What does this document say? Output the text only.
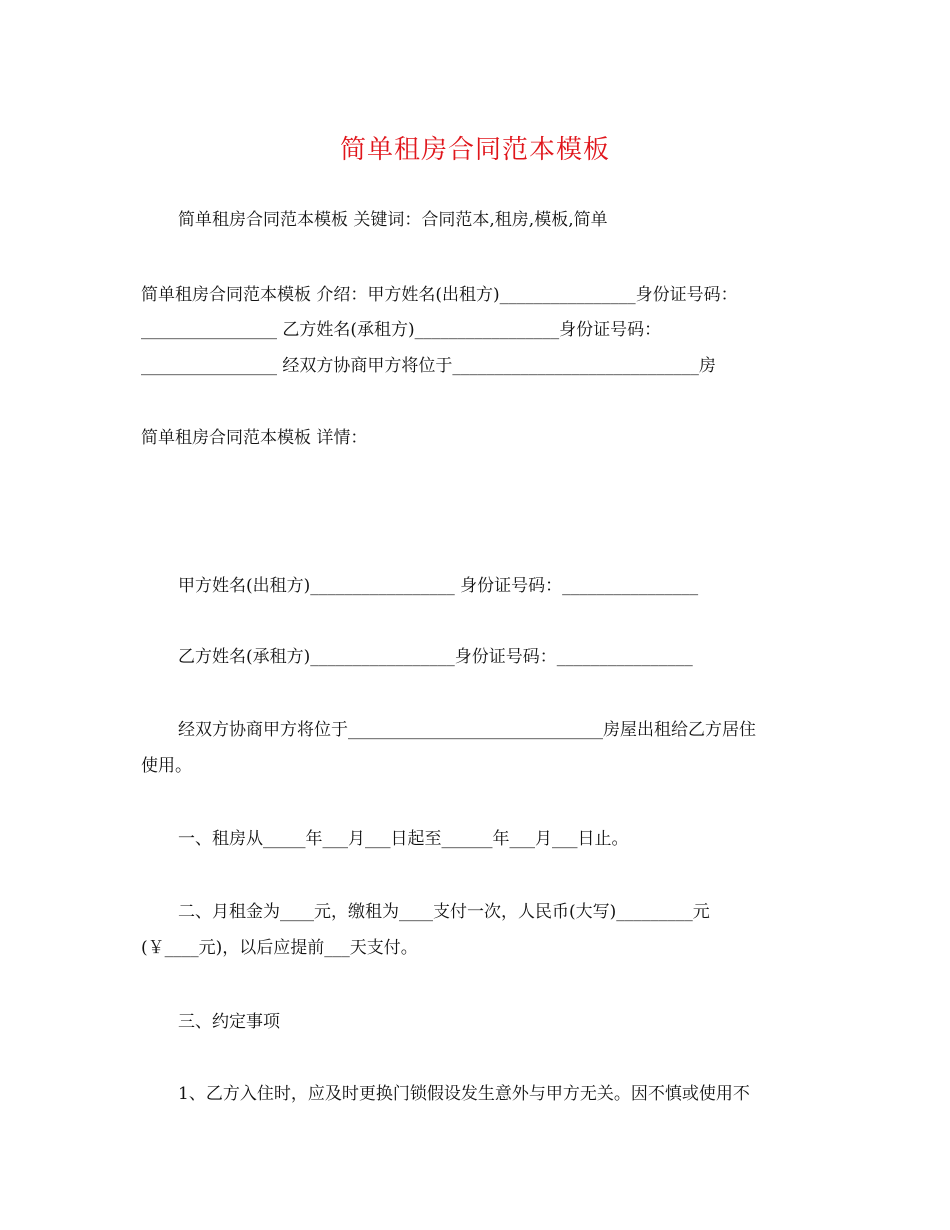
简单租房合同范本模板
简单租房合同范本模板 关键词：合同范本,租房,模板,简单
简单租房合同范本模板 介绍：甲方姓名(出租方)________________身份证号码：
________________ 乙方姓名(承租方)_________________身份证号码：
________________ 经双方协商甲方将位于_____________________________房
简单租房合同范本模板 详情：
甲方姓名(出租方)_________________ 身份证号码：________________
乙方姓名(承租方)_________________身份证号码：________________
经双方协商甲方将位于______________________________房屋出租给乙方居住
使用。
一、租房从_____年___月___日起至______年___月___日止。
二、月租金为____元，缴租为____支付一次，人民币(大写)_________元
(￥____元)，以后应提前___天支付。
三、约定事项
1、乙方入住时，应及时更换门锁假设发生意外与甲方无关。因不慎或使用不
